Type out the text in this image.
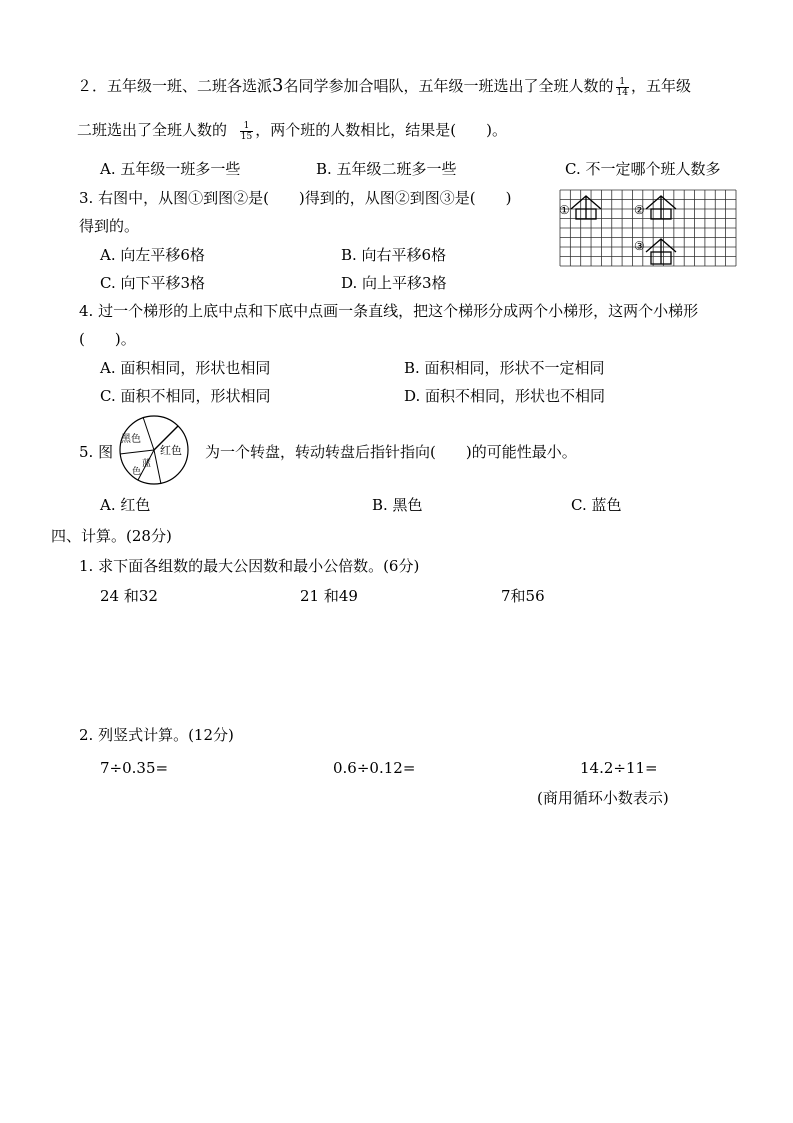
２．五年级一班、二班各选派3名同学参加合唱队，五年级一班选出了全班人数的 $\frac{1}{14}$ ，五年级
二班选出了全班人数的 $\frac{1}{15}$ ，两个班的人数相比，结果是(　　)。
A. 五年级一班多一些	B. 五年级二班多一些	C. 不一定哪个班人数多
3. 右图中，从图①到图②是(　　)得到的，从图②到图③是(　　)
得到的。
A. 向左平移6格	B. 向右平移6格
C. 向下平移3格	D. 向上平移3格
①	②
③
4. 过一个梯形的上底中点和下底中点画一条直线，把这个梯形分成两个小梯形，这两个小梯形
(　　)。
A. 面积相同，形状也相同	B. 面积相同，形状不一定相同
C. 面积不相同，形状相同	D. 面积不相同，形状也不相同
5. 图
黑色
红色
蓝
色
为一个转盘，转动转盘后指针指向(　　)的可能性最小。
A. 红色	B. 黑色	C. 蓝色
四、计算。(28分)
1. 求下面各组数的最大公因数和最小公倍数。(6分)
24 和32	21 和49	7和56
2. 列竖式计算。(12分)
7÷0.35=	0.6÷0.12=	14.2÷11=
(商用循环小数表示)
